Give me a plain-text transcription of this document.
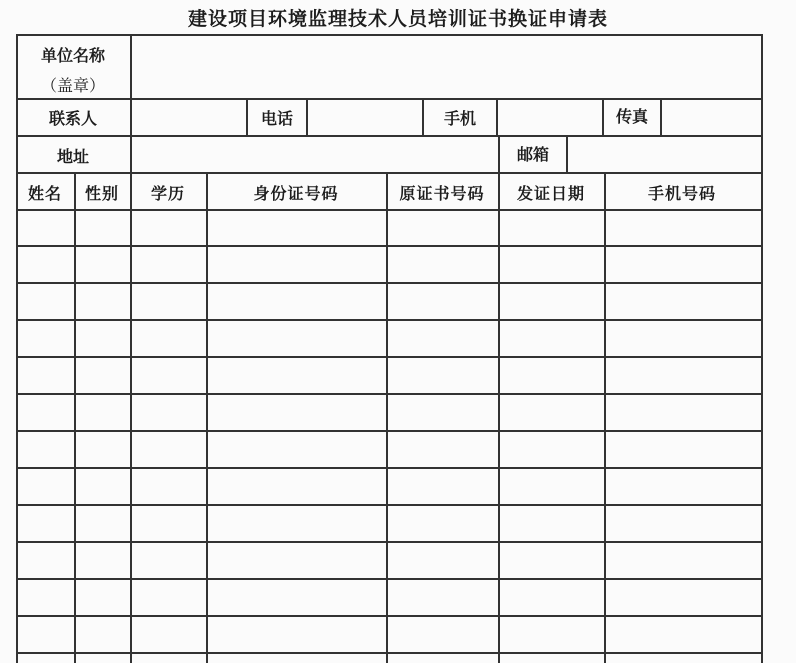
建设项目环境监理技术人员培训证书换证申请表
单位名称
（盖章）
联系人	电话	手机	传真
地址	邮箱
姓名	性别	学历	身份证号码	原证书号码	发证日期	手机号码
